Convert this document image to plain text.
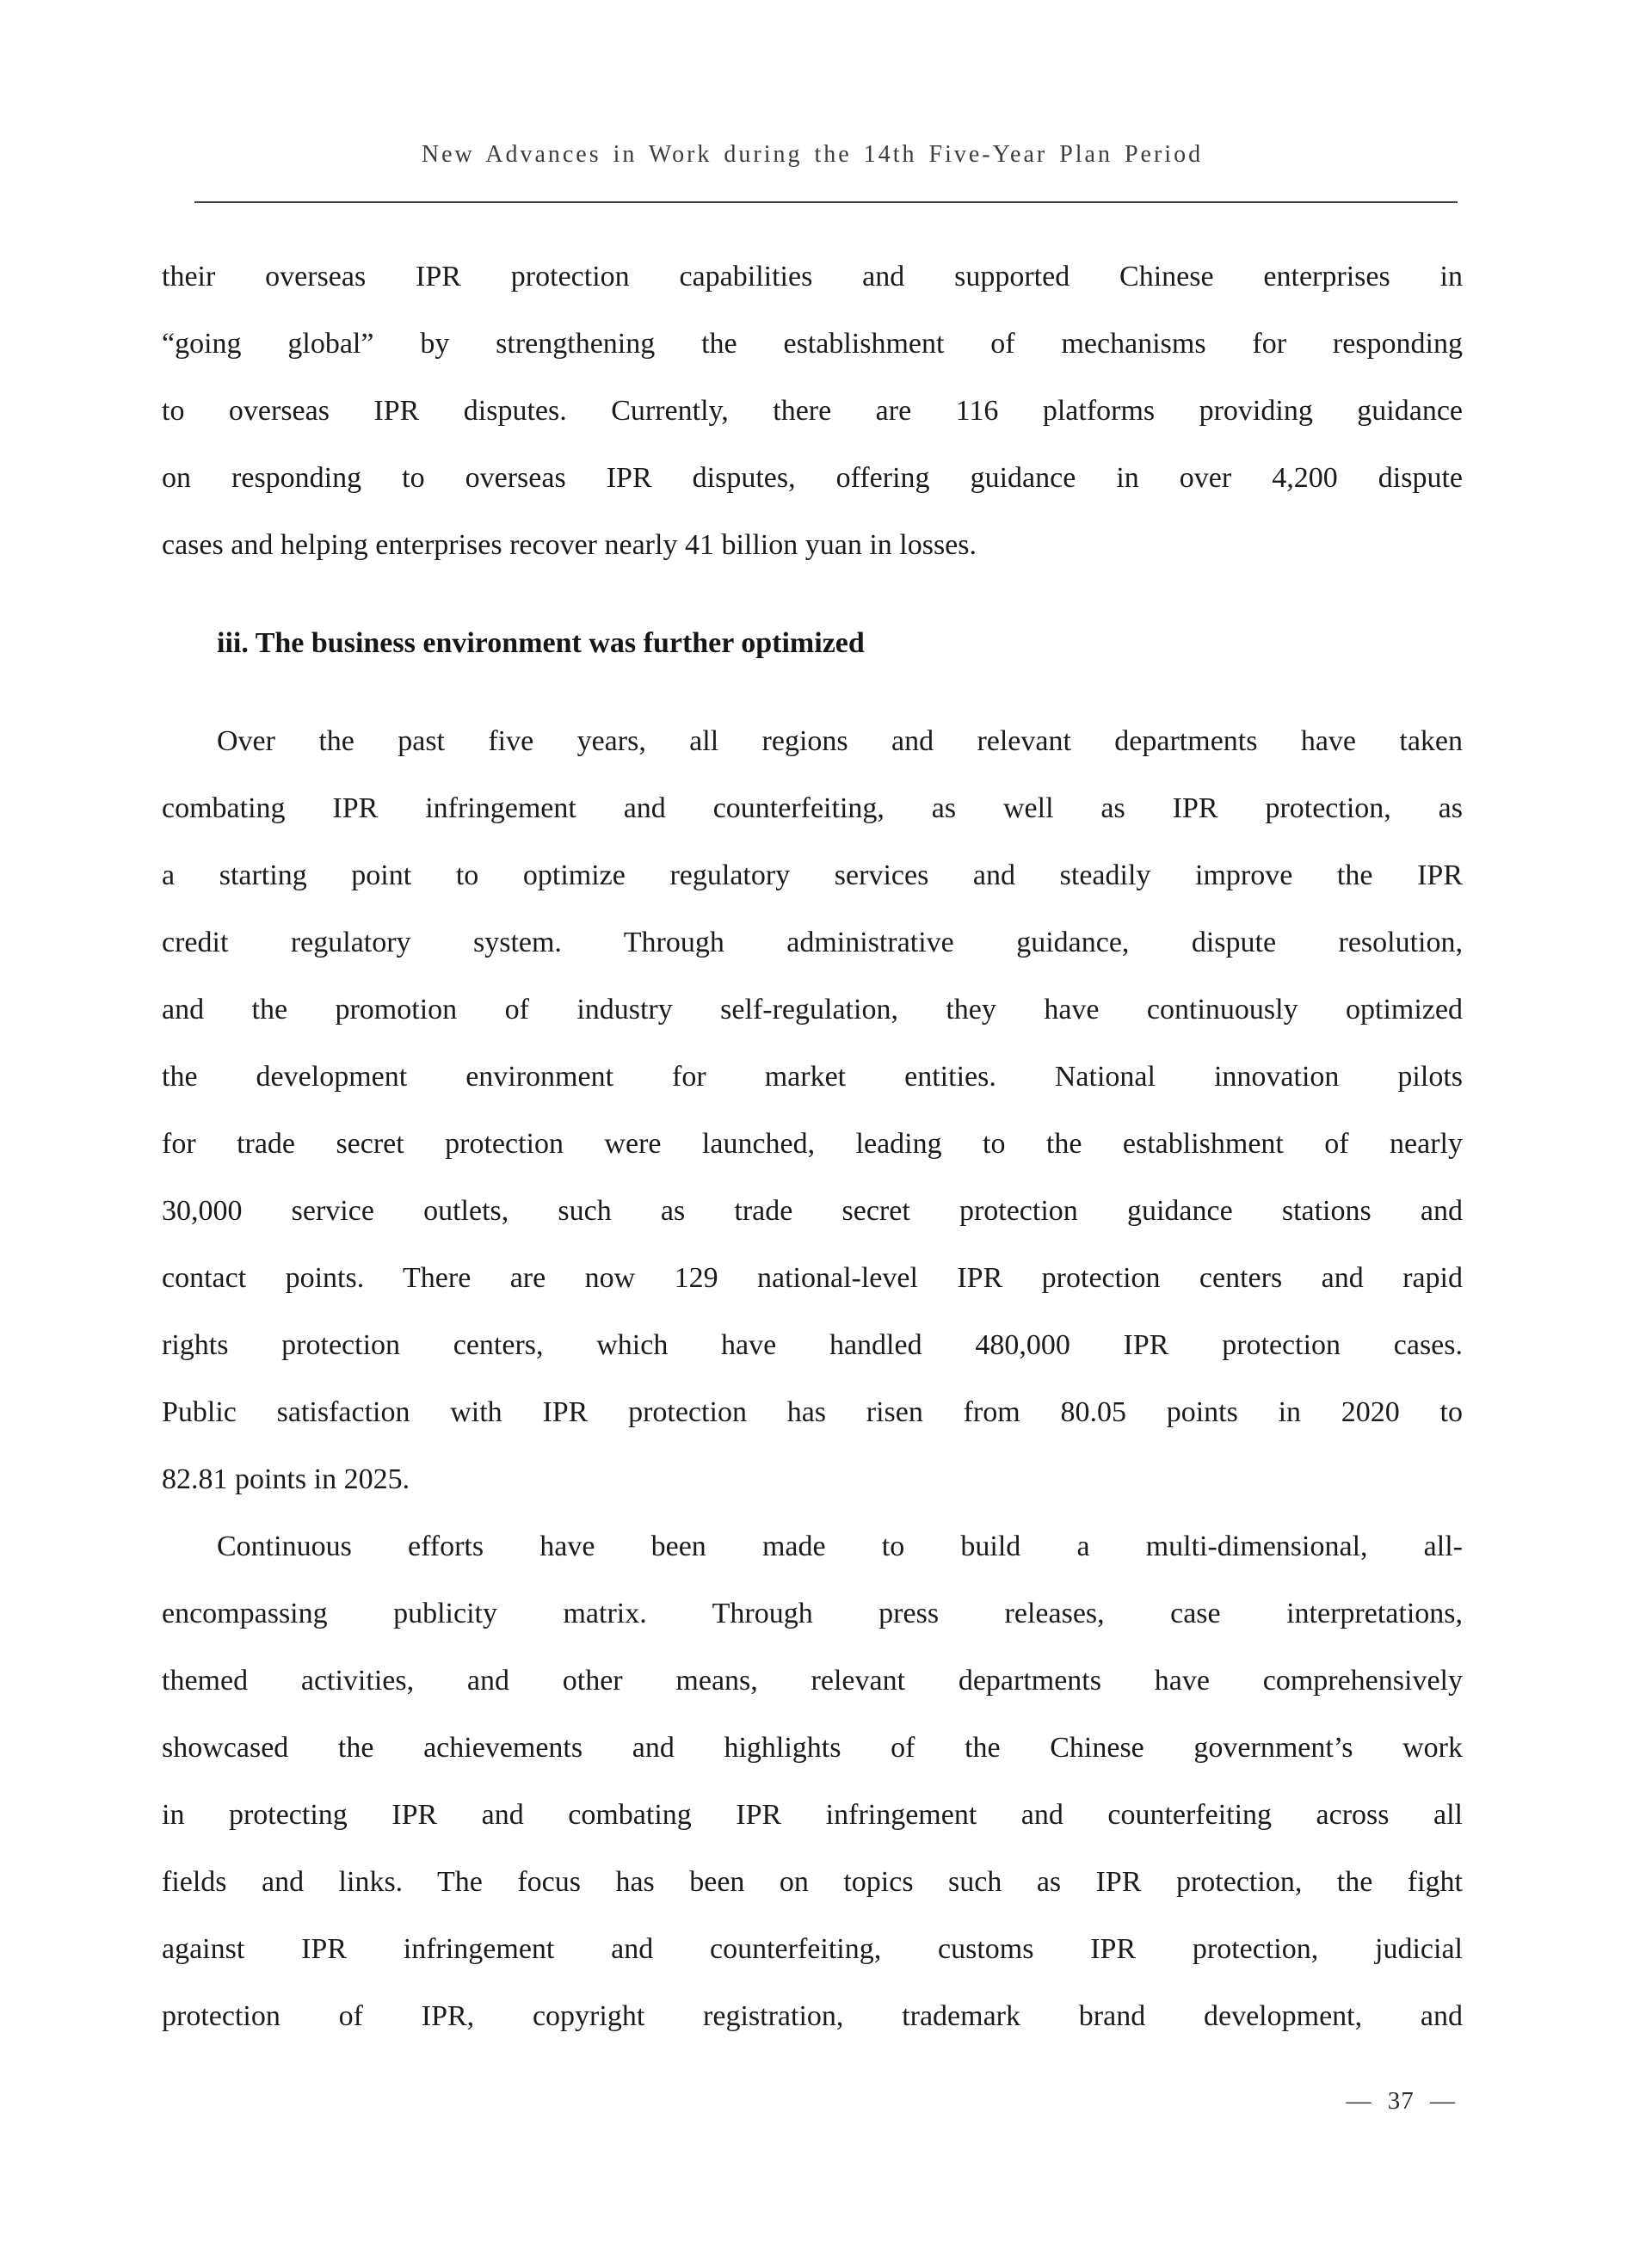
New Advances in Work during the 14th Five-Year Plan Period
their overseas IPR protection capabilities and supported Chinese enterprises in
“going global” by strengthening the establishment of mechanisms for responding
to overseas IPR disputes. Currently, there are 116 platforms providing guidance
on responding to overseas IPR disputes, offering guidance in over 4,200 dispute
cases and helping enterprises recover nearly 41 billion yuan in losses.
iii. The business environment was further optimized
Over the past five years, all regions and relevant departments have taken
combating IPR infringement and counterfeiting, as well as IPR protection, as
a starting point to optimize regulatory services and steadily improve the IPR
credit regulatory system. Through administrative guidance, dispute resolution,
and the promotion of industry self-regulation, they have continuously optimized
the development environment for market entities. National innovation pilots
for trade secret protection were launched, leading to the establishment of nearly
30,000 service outlets, such as trade secret protection guidance stations and
contact points. There are now 129 national-level IPR protection centers and rapid
rights protection centers, which have handled 480,000 IPR protection cases.
Public satisfaction with IPR protection has risen from 80.05 points in 2020 to
82.81 points in 2025.
Continuous efforts have been made to build a multi-dimensional, all-
encompassing publicity matrix. Through press releases, case interpretations,
themed activities, and other means, relevant departments have comprehensively
showcased the achievements and highlights of the Chinese government’s work
in protecting IPR and combating IPR infringement and counterfeiting across all
fields and links. The focus has been on topics such as IPR protection, the fight
against IPR infringement and counterfeiting, customs IPR protection, judicial
protection of IPR, copyright registration, trademark brand development, and
— 37 —
